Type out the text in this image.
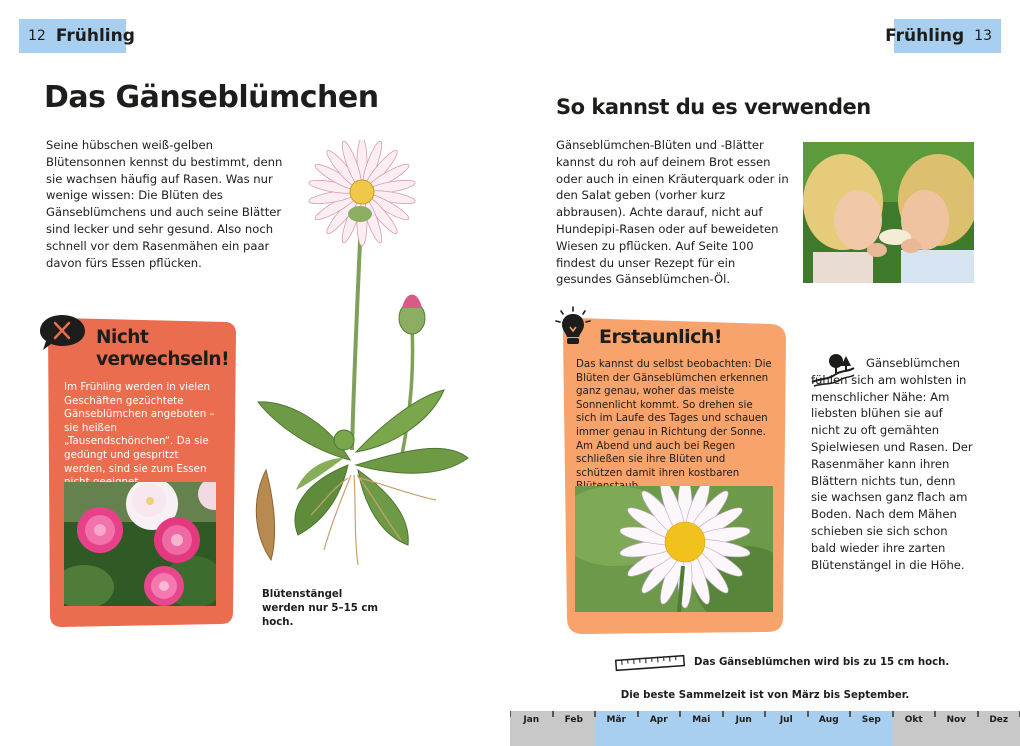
12 Frühling	Frühling 13
Das Gänseblümchen
Seine hübschen weiß-gelben Blütensonnen kennst du bestimmt, denn sie wachsen häufig auf Rasen. Was nur wenige wissen: Die Blüten des Gänseblümchens und auch seine Blätter sind lecker und sehr gesund. Also noch schnell vor dem Rasenmähen ein paar davon fürs Essen pflücken.
Nicht
verwechseln!
Im Frühling werden in vielen Geschäften gezüchtete Gänseblümchen angeboten – sie heißen „Tausendschönchen“. Da sie gedüngt und gespritzt werden, sind sie zum Essen
Blütenstängel werden nur 5–15 cm hoch.
So kannst du es verwenden
Gänseblümchen-Blüten und -Blätter kannst du roh auf deinem Brot essen oder auch in einen Kräuterquark oder in den Salat geben (vorher kurz abbrausen). Achte darauf, nicht auf Hundepipi-Rasen oder auf beweideten Wiesen zu pflücken. Auf Seite 100 findest du unser Rezept für ein gesundes Gänseblümchen-Öl.
Erstaunlich!
Das kannst du selbst beobachten: Die Blüten der Gänseblümchen erkennen ganz genau, woher das meiste Sonnenlicht kommt. So drehen sie sich im Laufe des Tages und schauen immer genau in Richtung der Sonne. Am Abend und auch bei Regen schließen sie ihre Blüten und schützen damit ihren kostbaren
Gänseblümchen fühlen sich am wohlsten in menschlicher Nähe: Am liebsten blühen sie auf nicht zu oft gemähten Spielwiesen und Rasen. Der Rasenmäher kann ihren Blättern nichts tun, denn sie wachsen ganz flach am Boden. Nach dem Mähen schieben sie sich schon bald wieder ihre zarten Blütenstängel in die Höhe.
Das Gänseblümchen wird bis zu 15 cm hoch.
Die beste Sammelzeit ist von März bis September.
Jan	Feb	Mär	Apr	Mai	Jun	Jul	Aug	Sep	Okt	Nov	Dez
